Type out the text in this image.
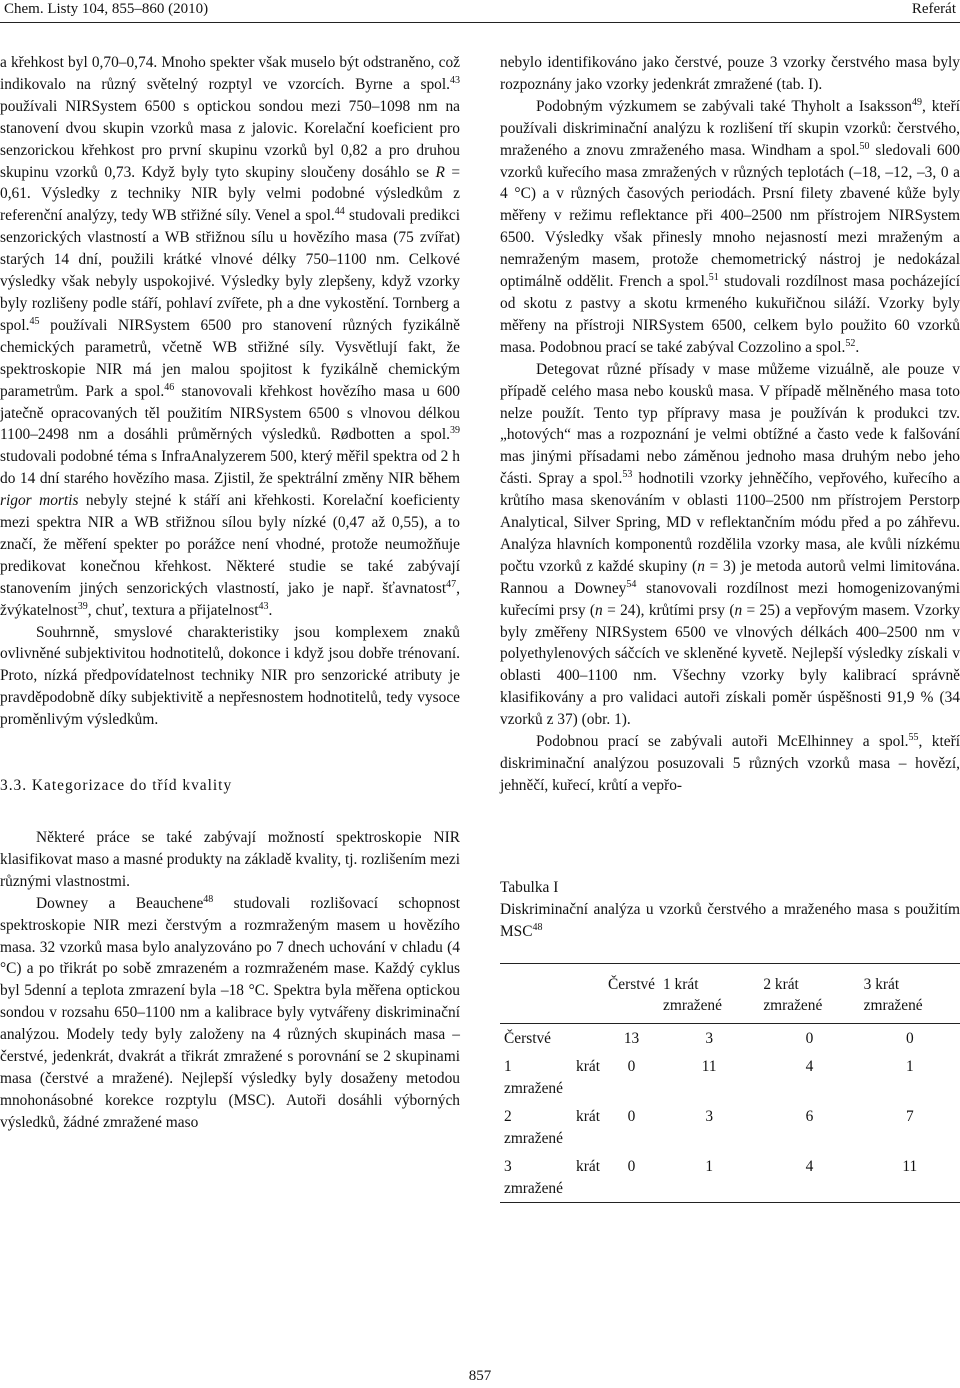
Chem. Listy 104, 855–860 (2010)	Referát

a křehkost byl 0,70–0,74. Mnoho spekter však muselo být odstraněno, což indikovalo na různý světelný rozptyl ve vzorcích. Byrne a spol.$^{43}$ používali NIRSystem 6500 s optickou sondou mezi 750–1098 nm na stanovení dvou skupin vzorků masa z jalovic. Korelační koeficient pro senzorickou křehkost pro první skupinu vzorků byl 0,82 a pro druhou skupinu vzorků 0,73. Když byly tyto skupiny sloučeny dosáhlo se R = 0,61. Výsledky z techniky NIR byly velmi podobné výsledkům z referenční analýzy, tedy WB střižné síly. Venel a spol.$^{44}$ studovali predikci senzorických vlastností a WB střižnou sílu u hovězího masa (75 zvířat) starých 14 dní, použili krátké vlnové délky 750–1100 nm. Celkové výsledky však nebyly uspokojivé. Výsledky byly zlepšeny, když vzorky byly rozlišeny podle stáří, pohlaví zvířete, ph a dne vykostění. Tornberg a spol.$^{45}$ používali NIRSystem 6500 pro stanovení různých fyzikálně chemických parametrů, včetně WB střižné síly. Vysvětlují fakt, že spektroskopie NIR má jen malou spojitost k fyzikálně chemickým parametrům. Park a spol.$^{46}$ stanovovali křehkost hovězího masa u 600 jatečně opracovaných těl použitím NIRSystem 6500 s vlnovou délkou 1100–2498 nm a dosáhli průměrných výsledků. Rødbotten a spol.$^{39}$ studovali podobné téma s InfraAnalyzerem 500, který měřil spektra od 2 h do 14 dní starého hovězího masa. Zjistil, že spektrální změny NIR během rigor mortis nebyly stejné k stáří ani křehkosti. Korelační koeficienty mezi spektra NIR a WB střižnou sílou byly nízké (0,47 až 0,55), a to značí, že měření spekter po porážce není vhodné, protože neumožňuje predikovat konečnou křehkost. Některé studie se také zabývají stanovením jiných senzorických vlastností, jako je např. šťavnatost$^{47}$, žvýkatelnost$^{39}$, chuť, textura a přijatelnost$^{43}$.

Souhrnně, smyslové charakteristiky jsou komplexem znaků ovlivněné subjektivitou hodnotitelů, dokonce i když jsou dobře trénovaní. Proto, nízká předpovídatelnost techniky NIR pro senzorické atributy je pravděpodobně díky subjektivitě a nepřesnostem hodnotitelů, tedy vysoce proměnlivým výsledkům.

3.3. Kategorizace do tříd kvality

Některé práce se také zabývají možností spektroskopie NIR klasifikovat maso a masné produkty na základě kvality, tj. rozlišením mezi různými vlastnostmi.

Downey a Beauchene$^{48}$ studovali rozlišovací schopnost spektroskopie NIR mezi čerstvým a rozmraženým masem u hovězího masa. 32 vzorků masa bylo analyzováno po 7 dnech uchování v chladu (4 °C) a po třikrát po sobě zmrazeném a rozmraženém mase. Každý cyklus byl 5denní a teplota zmrazení byla –18 °C. Spektra byla měřena optickou sondou v rozsahu 650–1100 nm a kalibrace byly vytvářeny diskriminační analýzou. Modely tedy byly založeny na 4 různých skupinách masa – čerstvé, jedenkrát, dvakrát a třikrát zmražené s porovnání se 2 skupinami masa (čerstvé a mražené). Nejlepší výsledky byly dosaženy metodou mnohonásobné korekce rozptylu (MSC). Autoři dosáhli výborných výsledků, žádné zmražené maso

nebylo identifikováno jako čerstvé, pouze 3 vzorky čerstvého masa byly rozpoznány jako vzorky jedenkrát zmražené (tab. I).

Podobným výzkumem se zabývali také Thyholt a Isaksson$^{49}$, kteří používali diskriminační analýzu k rozlišení tří skupin vzorků: čerstvého, mraženého a znovu zmraženého masa. Windham a spol.$^{50}$ sledovali 600 vzorků kuřecího masa zmražených v různých teplotách (–18, –12, –3, 0 a 4 °C) a v různých časových periodách. Prsní filety zbavené kůže byly měřeny v režimu reflektance při 400–2500 nm přístrojem NIRSystem 6500. Výsledky však přinesly mnoho nejasností mezi mraženým a nemraženým masem, protože chemometrický nástroj je nedokázal optimálně oddělit. French a spol.$^{51}$ studovali rozdílnost masa pocházející od skotu z pastvy a skotu krmeného kukuřičnou siláží. Vzorky byly měřeny na přístroji NIRSystem 6500, celkem bylo použito 60 vzorků masa. Podobnou prací se také zabýval Cozzolino a spol.$^{52}$.

Detegovat různé přísady v mase můžeme vizuálně, ale pouze v případě celého masa nebo kousků masa. V případě mělněného masa toto nelze použít. Tento typ přípravy masa je používán k produkci tzv. „hotových“ mas a rozpoznání je velmi obtížné a často vede k falšování mas jinými přísadami nebo záměnou jednoho masa druhým nebo jeho části. Spray a spol.$^{53}$ hodnotili vzorky jehněčího, vepřového, kuřecího a krůtího masa skenováním v oblasti 1100–2500 nm přístrojem Perstorp Analytical, Silver Spring, MD v reflektančním módu před a po záhřevu. Analýza hlavních komponentů rozdělila vzorky masa, ale kvůli nízkému počtu vzorků z každé skupiny (n = 3) je metoda autorů velmi limitována. Rannou a Downey$^{54}$ stanovovali rozdílnost mezi homogenizovanými kuřecími prsy (n = 24), krůtími prsy (n = 25) a vepřovým masem. Vzorky byly změřeny NIRSystem 6500 ve vlnových délkách 400–2500 nm v polyethylenových sáčcích ve skleněné kyvetě. Nejlepší výsledky získali v oblasti 400–1100 nm. Všechny vzorky byly kalibrací správně klasifikovány a pro validaci autoři získali poměr úspěšnosti 91,9 % (34 vzorků z 37) (obr. 1).

Podobnou prací se zabývali autoři McElhinney a spol.$^{55}$, kteří diskriminační analýzou posuzovali 5 různých vzorků masa – hovězí, jehněčí, kuřecí, krůtí a vepřo-

Tabulka I
Diskriminační analýza u vzorků čerstvého a mraženého masa s použitím MSC$^{48}$
	Čerstvé	1 krát zmražené	2 krát zmražené	3 krát zmražené
Čerstvé	13	3	0	0
1 krát zmražené	0	11	4	1
2 krát zmražené	0	3	6	7
3 krát zmražené	0	1	4	11
857
